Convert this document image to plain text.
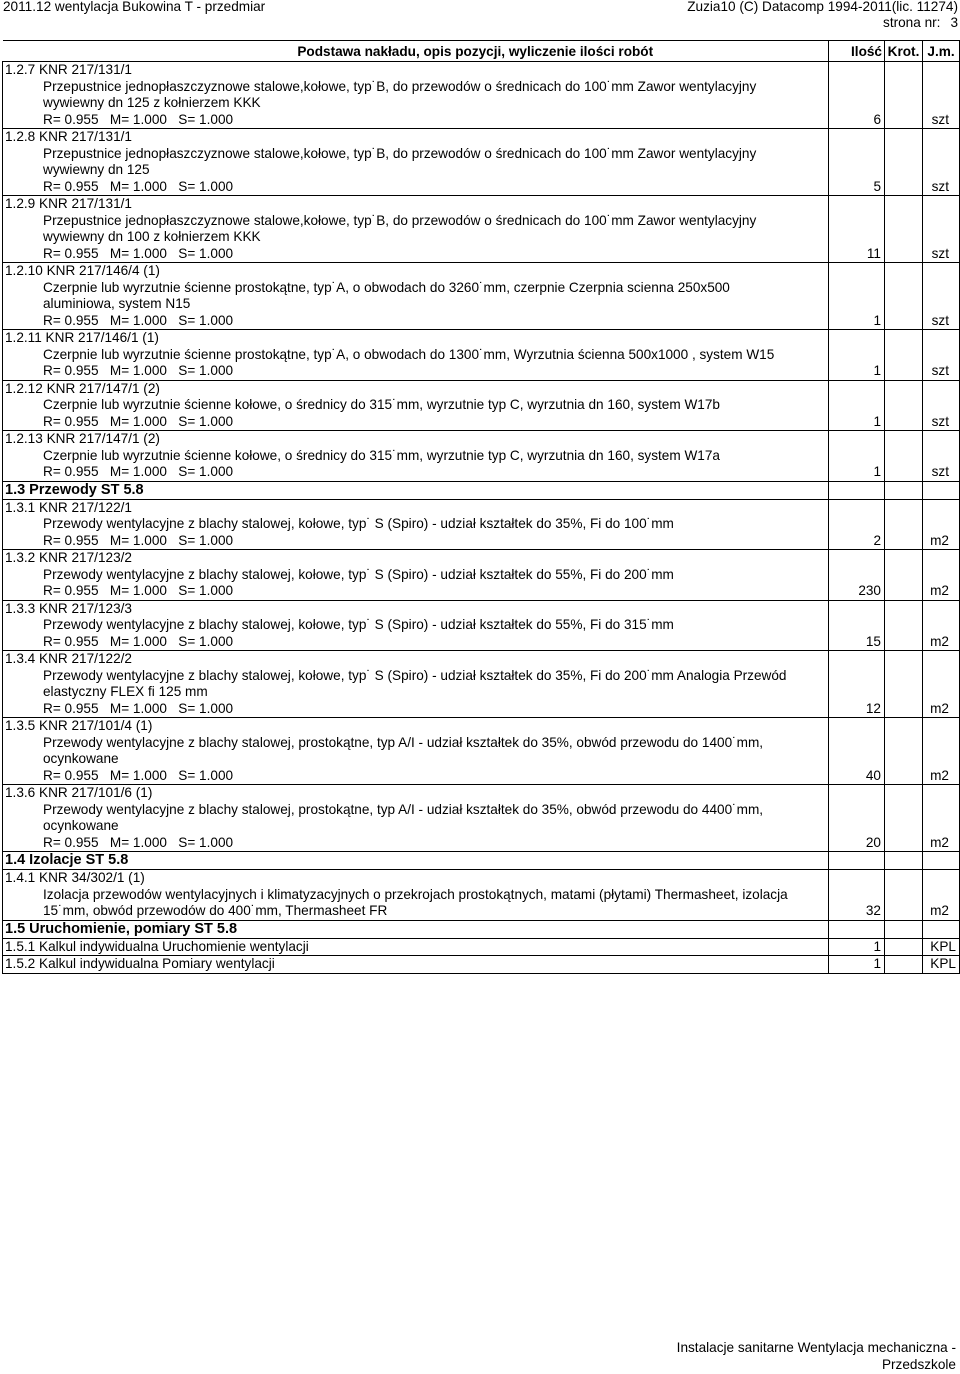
2011.12 wentylacja Bukowina T - przedmiar	Zuzia10 (C) Datacomp 1994-2011(lic. 11274)
strona nr: 3
Podstawa nakładu, opis pozycji, wyliczenie ilości robót	Ilość	Krot.	J.m.

1.2.7 KNR 217/131/1
Przepustnice jednopłaszczyznowe stalowe,kołowe, typ˙B, do przewodów o średnicach do 100˙mm Zawor wentylacyjny wywiewny dn 125 z kołnierzem KKK
R= 0.955   M= 1.000   S= 1.000	6		szt

1.2.8 KNR 217/131/1
Przepustnice jednopłaszczyznowe stalowe,kołowe, typ˙B, do przewodów o średnicach do 100˙mm Zawor wentylacyjny wywiewny dn 125
R= 0.955   M= 1.000   S= 1.000	5		szt

1.2.9 KNR 217/131/1
Przepustnice jednopłaszczyznowe stalowe,kołowe, typ˙B, do przewodów o średnicach do 100˙mm Zawor wentylacyjny wywiewny dn 100 z kołnierzem KKK
R= 0.955   M= 1.000   S= 1.000	11		szt

1.2.10 KNR 217/146/4 (1)
Czerpnie lub wyrzutnie ścienne prostokątne, typ˙A, o obwodach do 3260˙mm, czerpnie Czerpnia scienna 250x500 aluminiowa, system N15
R= 0.955   M= 1.000   S= 1.000	1		szt

1.2.11 KNR 217/146/1 (1)
Czerpnie lub wyrzutnie ścienne prostokątne, typ˙A, o obwodach do 1300˙mm, Wyrzutnia ścienna 500x1000 , system W15
R= 0.955   M= 1.000   S= 1.000	1		szt

1.2.12 KNR 217/147/1 (2)
Czerpnie lub wyrzutnie ścienne kołowe, o średnicy do 315˙mm, wyrzutnie typ C, wyrzutnia dn 160, system W17b
R= 0.955   M= 1.000   S= 1.000	1		szt

1.2.13 KNR 217/147/1 (2)
Czerpnie lub wyrzutnie ścienne kołowe, o średnicy do 315˙mm, wyrzutnie typ C, wyrzutnia dn 160, system W17a
R= 0.955   M= 1.000   S= 1.000	1		szt
1.3 Przewody ST 5.8			

1.3.1 KNR 217/122/1
Przewody wentylacyjne z blachy stalowej, kołowe, typ˙ S (Spiro) - udział kształtek do 35%, Fi do 100˙mm
R= 0.955   M= 1.000   S= 1.000	2		m2

1.3.2 KNR 217/123/2
Przewody wentylacyjne z blachy stalowej, kołowe, typ˙ S (Spiro) - udział kształtek do 55%, Fi do 200˙mm
R= 0.955   M= 1.000   S= 1.000	230		m2

1.3.3 KNR 217/123/3
Przewody wentylacyjne z blachy stalowej, kołowe, typ˙ S (Spiro) - udział kształtek do 55%, Fi do 315˙mm
R= 0.955   M= 1.000   S= 1.000	15		m2

1.3.4 KNR 217/122/2
Przewody wentylacyjne z blachy stalowej, kołowe, typ˙ S (Spiro) - udział kształtek do 35%, Fi do 200˙mm Analogia Przewód elastyczny FLEX fi 125 mm
R= 0.955   M= 1.000   S= 1.000	12		m2

1.3.5 KNR 217/101/4 (1)
Przewody wentylacyjne z blachy stalowej, prostokątne, typ A/I - udział kształtek do 35%, obwód przewodu do 1400˙mm, ocynkowane
R= 0.955   M= 1.000   S= 1.000	40		m2

1.3.6 KNR 217/101/6 (1)
Przewody wentylacyjne z blachy stalowej, prostokątne, typ A/I - udział kształtek do 35%, obwód przewodu do 4400˙mm, ocynkowane
R= 0.955   M= 1.000   S= 1.000	20		m2
1.4 Izolacje ST 5.8			

1.4.1 KNR 34/302/1 (1)
Izolacja przewodów wentylacyjnych i klimatyzacyjnych o przekrojach prostokątnych, matami (płytami) Thermasheet, izolacja 15˙mm, obwód przewodów do 400˙mm, Thermasheet FR	32		m2
1.5 Uruchomienie, pomiary ST 5.8			
1.5.1 Kalkul indywidualna Uruchomienie wentylacji	1		KPL
1.5.2 Kalkul indywidualna Pomiary wentylacji	1		KPL
Instalacje sanitarne Wentylacja mechaniczna -
Przedszkole
